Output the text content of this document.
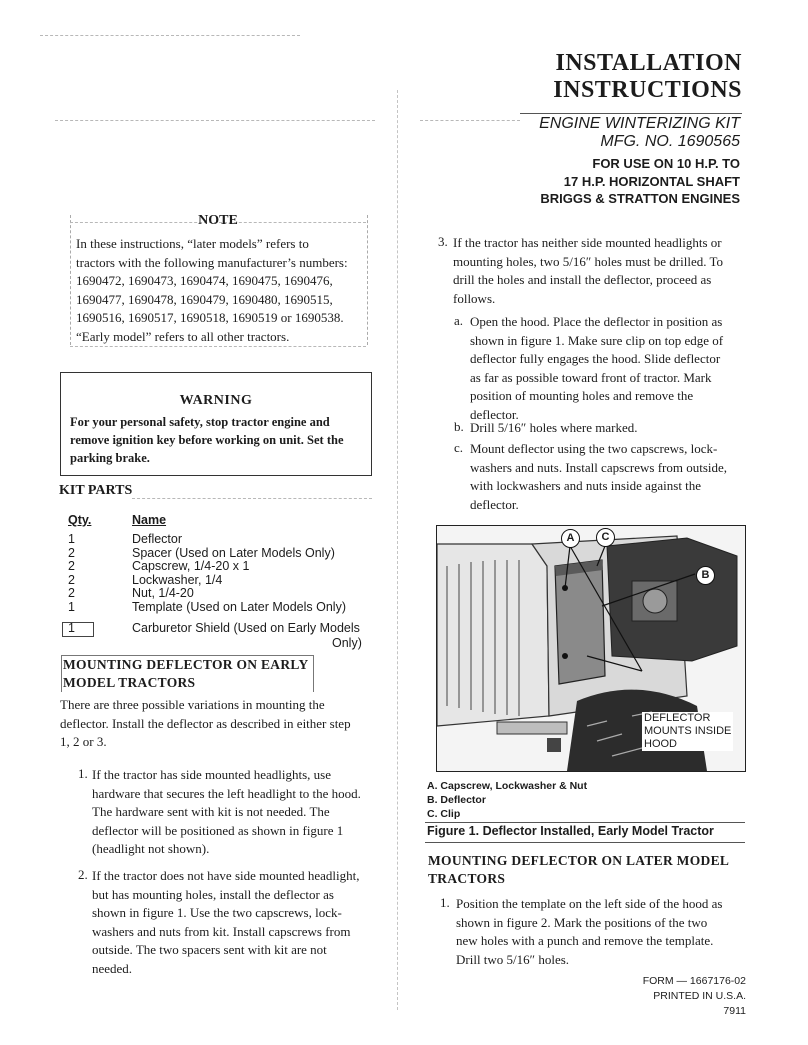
INSTALLATION
INSTRUCTIONS
ENGINE WINTERIZING KIT
MFG. NO. 1690565
FOR USE ON 10 H.P. TO
17 H.P. HORIZONTAL SHAFT
BRIGGS & STRATTON ENGINES
NOTE
In these instructions, “later models” refers to
tractors with the following manufacturer’s numbers:
1690472, 1690473, 1690474, 1690475, 1690476,
1690477, 1690478, 1690479, 1690480, 1690515,
1690516, 1690517, 1690518, 1690519 or 1690538.
“Early model” refers to all other tractors.
WARNING
For your personal safety, stop tractor engine and
remove ignition key before working on unit. Set the
parking brake.
KIT PARTS
Qty.	Name
1	Deflector
2	Spacer (Used on Later Models Only)
2	Capscrew, 1/4-20 x 1
2	Lockwasher, 1/4
2	Nut, 1/4-20
1	Template (Used on Later Models Only)
1	Carburetor Shield (Used on Early Models
Only)
MOUNTING DEFLECTOR ON EARLY
MODEL TRACTORS
There are three possible variations in mounting the
deflector. Install the deflector as described in either step
1, 2 or 3.
1. If the tractor has side mounted headlights, use
hardware that secures the left headlight to the hood.
The hardware sent with kit is not needed. The
deflector will be positioned as shown in figure 1
(headlight not shown).
2. If the tractor does not have side mounted headlight,
but has mounting holes, install the deflector as
shown in figure 1. Use the two capscrews, lock-
washers and nuts from kit. Install capscrews from
outside. The two spacers sent with kit are not
needed.
3. If the tractor has neither side mounted headlights or
mounting holes, two 5/16″ holes must be drilled. To
drill the holes and install the deflector, proceed as
follows.
a. Open the hood. Place the deflector in position as
shown in figure 1. Make sure clip on top edge of
deflector fully engages the hood. Slide deflector
as far as possible toward front of tractor. Mark
position of mounting holes and remove the
deflector.
b. Drill 5/16″ holes where marked.
c. Mount deflector using the two capscrews, lock-
washers and nuts. Install capscrews from outside,
with lockwashers and nuts inside against the
deflector.
A	C
B
DEFLECTOR
MOUNTS INSIDE
HOOD
A. Capscrew, Lockwasher & Nut
B. Deflector
C. Clip
Figure 1. Deflector Installed, Early Model Tractor
MOUNTING DEFLECTOR ON LATER MODEL
TRACTORS
1. Position the template on the left side of the hood as
shown in figure 2. Mark the positions of the two
new holes with a punch and remove the template.
Drill two 5/16″ holes.
FORM — 1667176-02
PRINTED IN U.S.A.
7911
